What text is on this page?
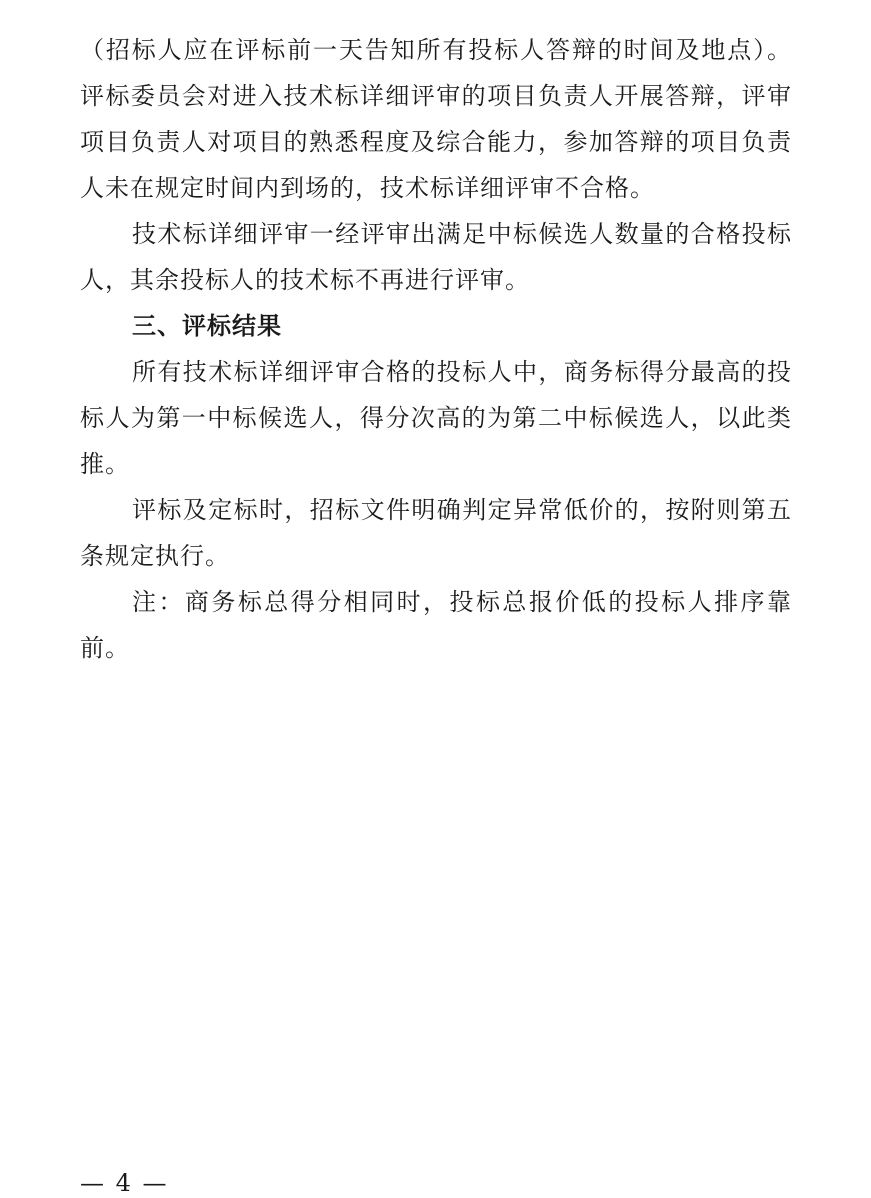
（招标人应在评标前一天告知所有投标人答辩的时间及地点）。评标委员会对进入技术标详细评审的项目负责人开展答辩，评审项目负责人对项目的熟悉程度及综合能力，参加答辩的项目负责人未在规定时间内到场的，技术标详细评审不合格。

技术标详细评审一经评审出满足中标候选人数量的合格投标人，其余投标人的技术标不再进行评审。

三、评标结果

所有技术标详细评审合格的投标人中，商务标得分最高的投标人为第一中标候选人，得分次高的为第二中标候选人，以此类推。

评标及定标时，招标文件明确判定异常低价的，按附则第五条规定执行。

注：商务标总得分相同时，投标总报价低的投标人排序靠前。

— 4 —
